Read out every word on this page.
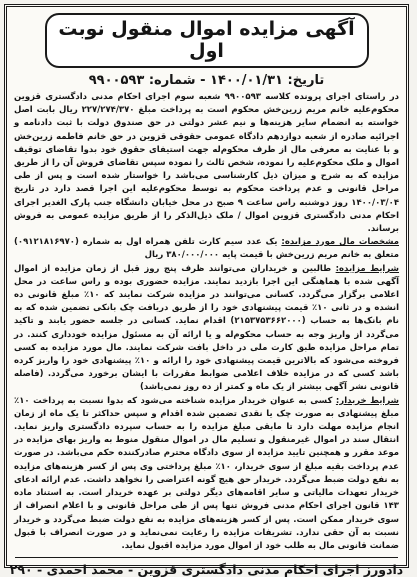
آگهی مزایده اموال منقول نوبت اول
تاریخ: ۱۴۰۰/۰۱/۳۱ - شماره: ۹۹۰۰۵۹۳

در راستای اجرای پرونده کلاسه ۹۹۰۰۵۹۳ شعبه سوم اجرای احکام مدنی دادگستری قزوین محکوم‌علیه خانم مریم زرین‌خش محکوم است به پرداخت مبلغ ۲۲۷/۲۷۴/۳۷۰ ریال بابت اصل خواسته به انضمام سایر هزینه‌ها و نیم عشر دولتی در حق صندوق دولت با ثبت دادنامه و اجرائیه صادره از شعبه دوازدهم دادگاه عمومی حقوقی قزوین در حق خانم فاطمه زرین‌خش و با عنایت به معرفی مال از طرف محکوم‌له جهت استیفای حقوق خود بدوا تقاضای توقیف اموال و ملک محکوم‌علیه را نموده، شخص ثالث را نموده سپس تقاضای فروش آن را از طریق مزایده که به شرح و میزان ذیل کارشناسی می‌باشد را خواستار شده است و پس از طی مراحل قانونی و عدم پرداخت محکوم به توسط محکوم‌علیه این اجرا قصد دارد در تاریخ ۱۴۰۰/۰۳/۰۴ روز دوشنبه راس ساعت ۹ صبح در محل خیابان دانشگاه جنب پارک الغدیر اجرای احکام مدنی دادگستری قزوین اموال / ملک ذیل‌الذکر را از طریق مزایده عمومی به فروش برساند.

مشخصات مال مورد مزایده: یک عدد سیم کارت تلفن همراه اول به شماره (۰۹۱۲۱۸۱۶۹۷۰) متعلق به خانم مریم زرین‌خش با قیمت پایه ۳۸۰/۰۰۰/۰۰۰ ریال

شرایط مزایده: طالبین و خریداران می‌توانند ظرف پنج روز قبل از زمان مزایده از اموال آگهی شده با هماهنگی این اجرا بازدید نمایند. مزایده حضوری بوده و راس ساعت در محل اعلامی برگزار می‌گردد. کسانی می‌توانند در مزایده شرکت نمایند که ۱۰٪ مبلغ قانونی ده انشده و در ثانی ۱۰٪ قیمت پیشنهادی خود را از طریق دریافت چک بانکی تضمین شده که به نام بانک‌ها به حساب (۲۱۵۳۷۵۳۶۶۲۰۰۰) اقدام نماید. کسانی در جلسه حضور یابند و تاکید می‌گردد از واریز وجه به حساب محکوم‌له و یا ارائه آن به مسئول مزایده خودداری کنند. در تمام مراحل مزایده طبق کارت ملی در داخل بافت شرکت نمایند. مال مورد مزایده به کسی فروخته می‌شود که بالاترین قیمت پیشنهادی خود را ارائه و ۱۰٪ پیشنهادی خود را واریز کرده باشد کسی که در مزایده خلاف اعلامی ضوابط مقررات با ایشان برخورد می‌گردد. (فاصله قانونی نشر آگهی بیشتر از یک ماه و کمتر از ده روز نمی‌باشد)

شرایط خریدار: کسی به عنوان خریدار مزایده شناخته می‌شود که بدوا نسبت به پرداخت ۱۰٪ مبلغ پیشنهادی به صورت چک یا نقدی تضمین شده اقدام و سپس حداکثر تا یک ماه از زمان انجام مزایده مهلت دارد تا مابقی مبلغ مزایده را به حساب سپرده دادگستری واریز نماید. انتقال سند در اموال غیرمنقول و تسلیم مال در اموال منقول منوط به واریز بهای مزایده در موعد مقرر و همچنین تایید مزایده از سوی دادگاه محترم صادرکننده حکم می‌باشد. در صورت عدم پرداخت بقیه مبلغ از سوی خریدار، ۱۰٪ مبلغ پرداختی وی پس از کسر هزینه‌های مزایده به نفع دولت ضبط می‌گردد. خریدار حق هیچ گونه اعتراضی را نخواهد داشت. عدم ارائه ادعای خریدار تعهدات مالیاتی و سایر اقامه‌های دیگر دولتی بر عهده خریدار است. به استناد ماده ۱۴۳ قانون اجرای احکام مدنی فروش تنها پس از طی مراحل قانونی و با اعلام انصراف از سوی خریدار ممکن است. پس از کسر هزینه‌های مزایده به نفع دولت ضبط می‌گردد و خریدار نسبت به آن حقی ندارد. تشریفات مزایده را رعایت نمی‌نماید و در صورت انصراف با قبول ضمانت قانونی مال به طلب خود از اموال مورد مزایده اقبول نماید.

دادورز اجرای احکام مدنی دادگستری قزوین - محمد احمدی - ۲۹۰
